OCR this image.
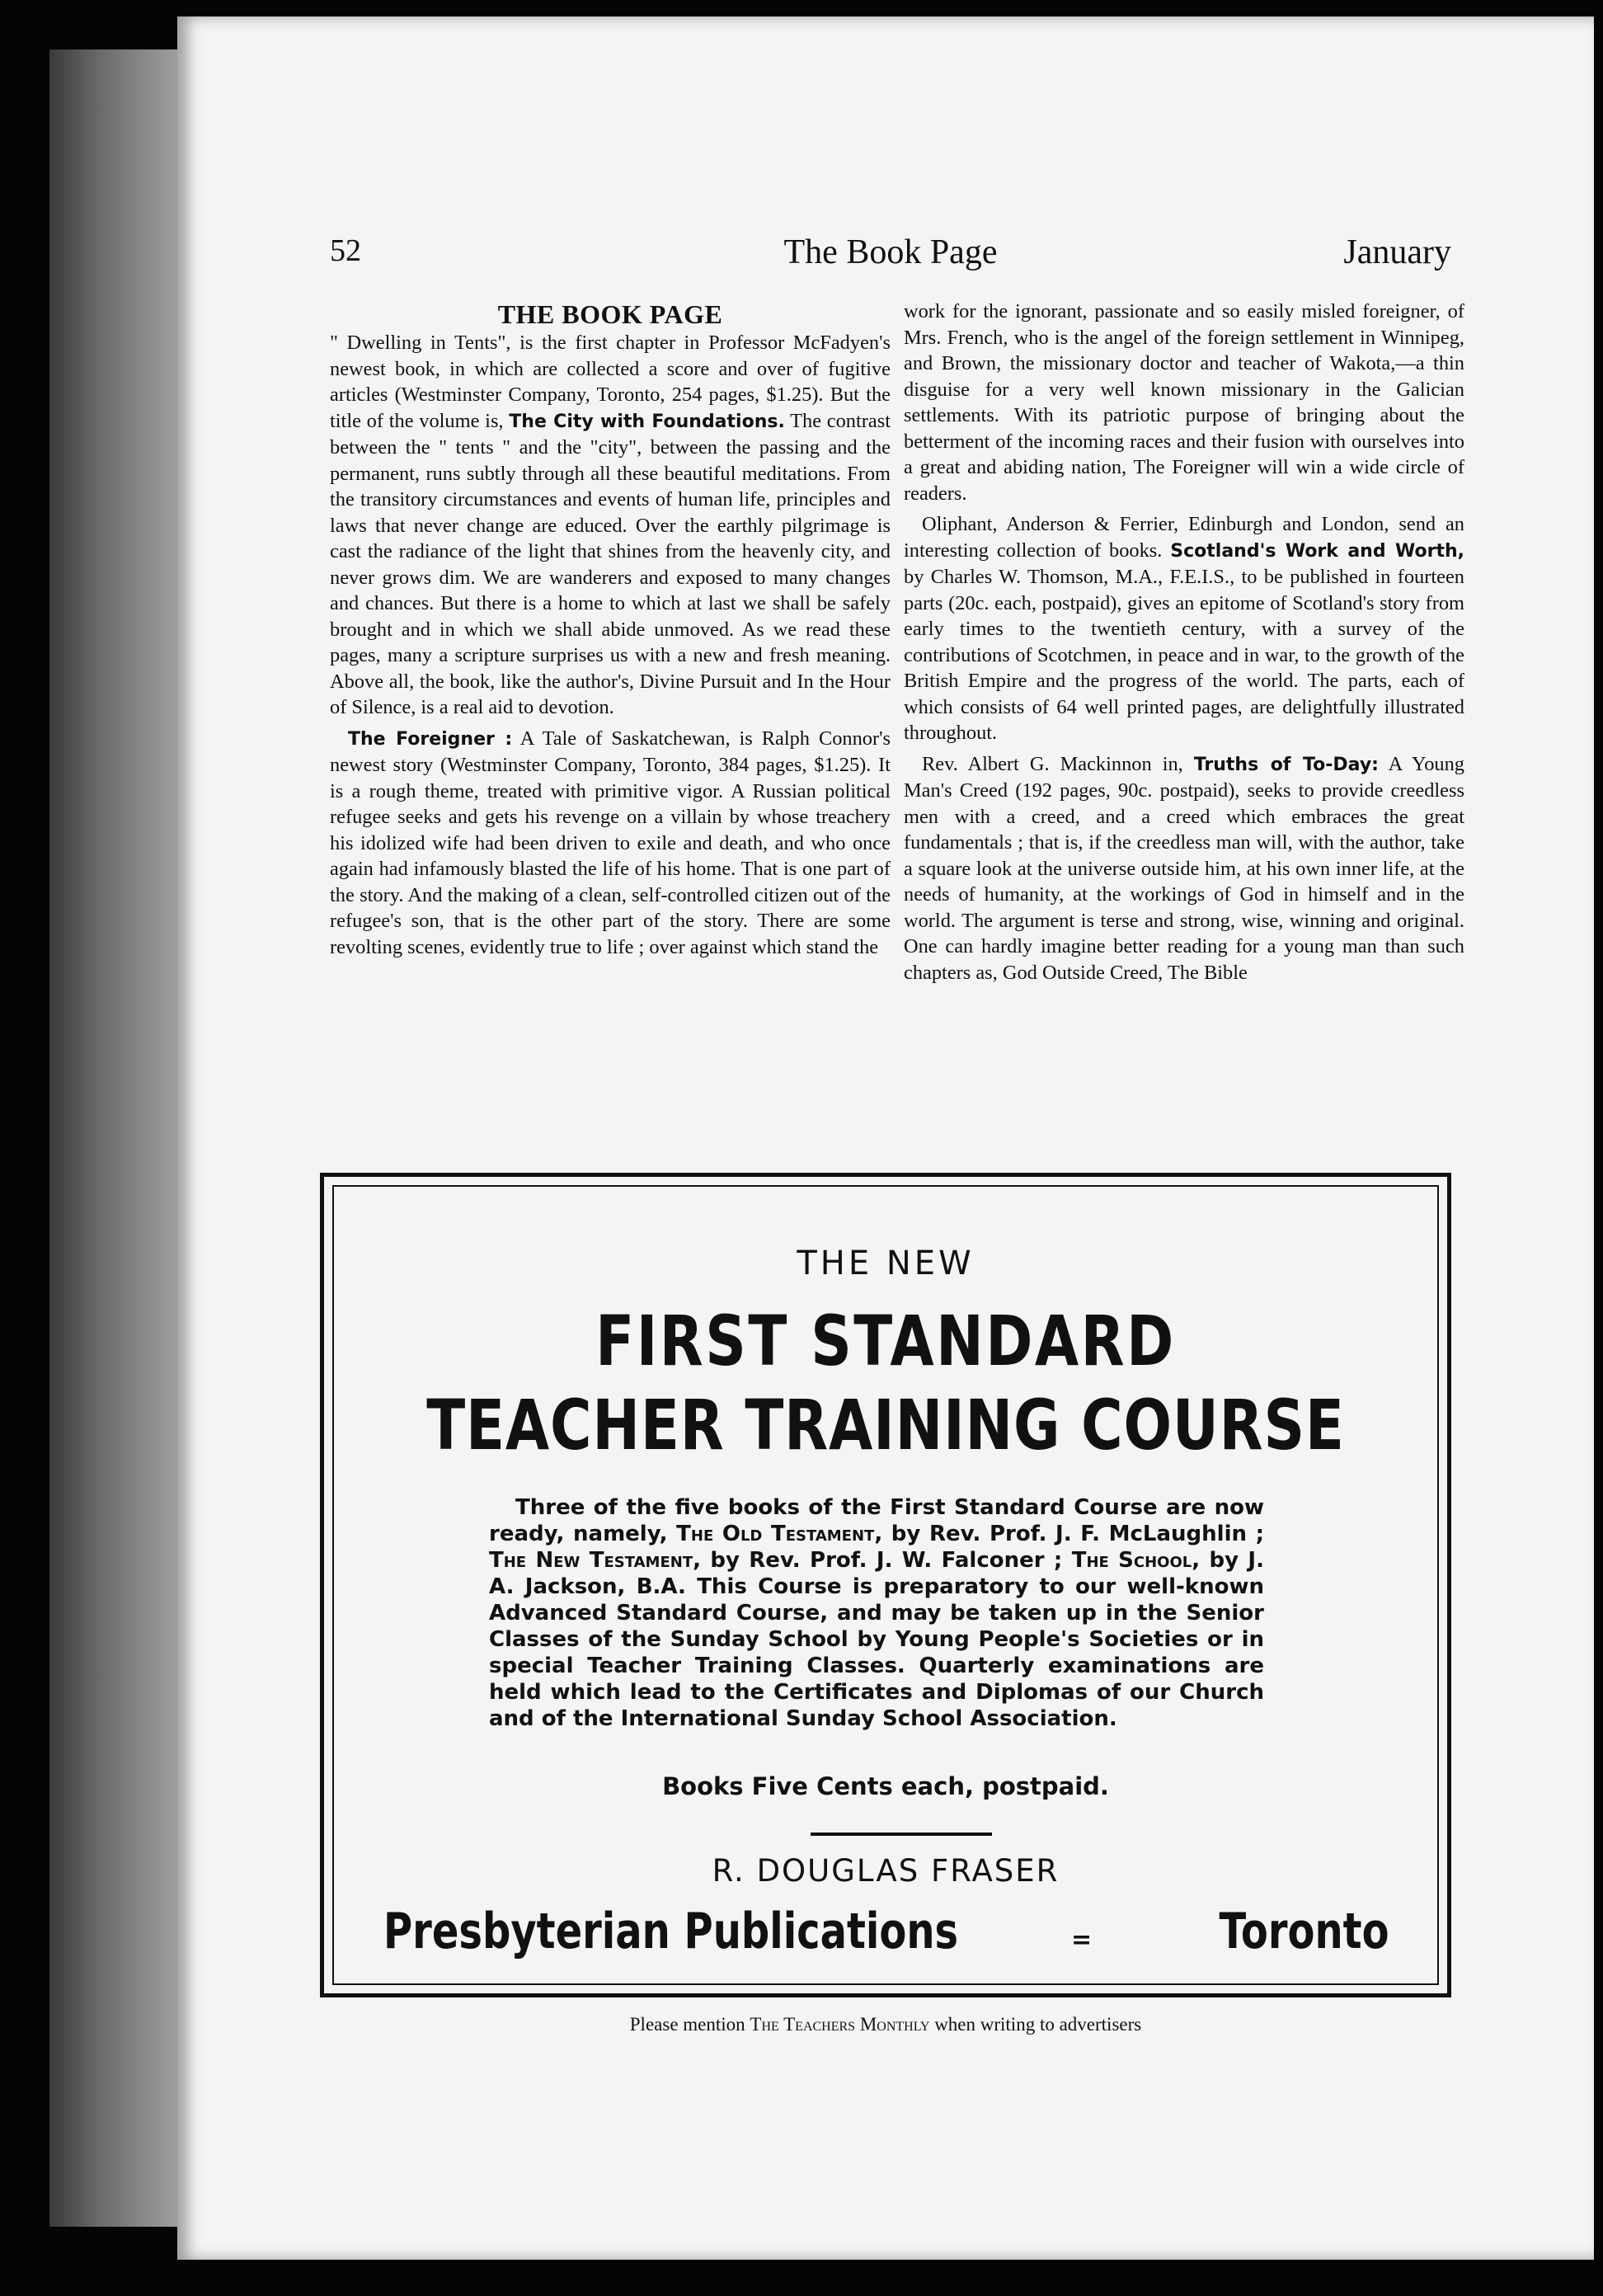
52	The Book Page	January
THE BOOK PAGE

" Dwelling in Tents", is the first chapter in Professor McFadyen's newest book, in which are collected a score and over of fugitive articles (Westminster Company, Toronto, 254 pages, $1.25). But the title of the volume is, The City with Foundations. The contrast between the " tents " and the "city", between the passing and the permanent, runs subtly through all these beautiful meditations. From the transitory circumstances and events of human life, principles and laws that never change are educed. Over the earthly pilgrimage is cast the radiance of the light that shines from the heavenly city, and never grows dim. We are wanderers and exposed to many changes and chances. But there is a home to which at last we shall be safely brought and in which we shall abide unmoved. As we read these pages, many a scripture surprises us with a new and fresh meaning. Above all, the book, like the author's, Divine Pursuit and In the Hour of Silence, is a real aid to devotion.

The Foreigner : A Tale of Saskatchewan, is Ralph Connor's newest story (Westminster Company, Toronto, 384 pages, $1.25). It is a rough theme, treated with primitive vigor. A Russian political refugee seeks and gets his revenge on a villain by whose treachery his idolized wife had been driven to exile and death, and who once again had infamously blasted the life of his home. That is one part of the story. And the making of a clean, self-controlled citizen out of the refugee's son, that is the other part of the story. There are some revolting scenes, evidently true to life ; over against which stand the

work for the ignorant, passionate and so easily misled foreigner, of Mrs. French, who is the angel of the foreign settlement in Winnipeg, and Brown, the missionary doctor and teacher of Wakota,—a thin disguise for a very well known missionary in the Galician settlements. With its patriotic purpose of bringing about the betterment of the incoming races and their fusion with ourselves into a great and abiding nation, The Foreigner will win a wide circle of readers.

Oliphant, Anderson & Ferrier, Edinburgh and London, send an interesting collection of books. Scotland's Work and Worth, by Charles W. Thomson, M.A., F.E.I.S., to be published in fourteen parts (20c. each, postpaid), gives an epitome of Scotland's story from early times to the twentieth century, with a survey of the contributions of Scotchmen, in peace and in war, to the growth of the British Empire and the progress of the world. The parts, each of which consists of 64 well printed pages, are delightfully illustrated throughout.

Rev. Albert G. Mackinnon in, Truths of To-Day: A Young Man's Creed (192 pages, 90c. postpaid), seeks to provide creedless men with a creed, and a creed which embraces the great fundamentals ; that is, if the creedless man will, with the author, take a square look at the universe outside him, at his own inner life, at the needs of humanity, at the workings of God in himself and in the world. The argument is terse and strong, wise, winning and original. One can hardly imagine better reading for a young man than such chapters as, God Outside Creed, The Bible

THE NEW
FIRST STANDARD
TEACHER TRAINING COURSE
Three of the five books of the First Standard Course are now ready, namely, The Old Testament, by Rev. Prof. J. F. McLaughlin ; The New Testament, by Rev. Prof. J. W. Falconer ; The School, by J. A. Jackson, B.A. This Course is preparatory to our well-known Advanced Standard Course, and may be taken up in the Senior Classes of the Sunday School by Young People's Societies or in special Teacher Training Classes. Quarterly examinations are held which lead to the Certificates and Diplomas of our Church and of the International Sunday School Association.
Books Five Cents each, postpaid.
R. DOUGLAS FRASER
Presbyterian Publications	=	Toronto
Please mention The Teachers Monthly when writing to advertisers
